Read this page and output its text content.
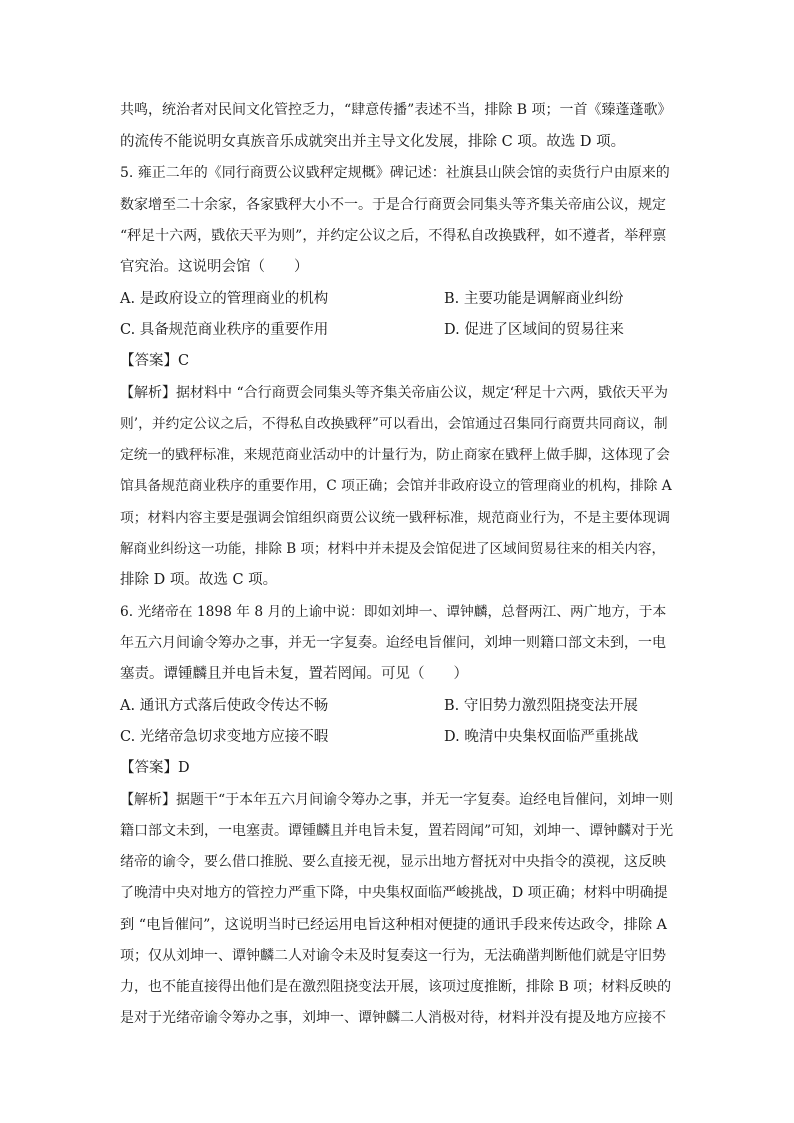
共鸣，统治者对民间文化管控乏力，“肆意传播”表述不当，排除 B 项；一首《臻蓬蓬歌》
的流传不能说明女真族音乐成就突出并主导文化发展，排除 C 项。故选 D 项。
5. 雍正二年的《同行商贾公议戥秤定规概》碑记述：社旗县山陕会馆的卖货行户由原来的
数家增至二十余家，各家戥秤大小不一。于是合行商贾会同集头等齐集关帝庙公议，规定
“秤足十六两，戥依天平为则”，并约定公议之后，不得私自改换戥秤，如不遵者，举秤禀
官究治。这说明会馆（　　）
A. 是政府设立的管理商业的机构	B. 主要功能是调解商业纠纷
C. 具备规范商业秩序的重要作用	D. 促进了区域间的贸易往来
【答案】C
【解析】据材料中 “合行商贾会同集头等齐集关帝庙公议，规定‘秤足十六两，戥依天平为
则’，并约定公议之后，不得私自改换戥秤”可以看出，会馆通过召集同行商贾共同商议，制
定统一的戥秤标准，来规范商业活动中的计量行为，防止商家在戥秤上做手脚，这体现了会
馆具备规范商业秩序的重要作用，C 项正确；会馆并非政府设立的管理商业的机构，排除 A
项；材料内容主要是强调会馆组织商贾公议统一戥秤标准，规范商业行为，不是主要体现调
解商业纠纷这一功能，排除 B 项；材料中并未提及会馆促进了区域间贸易往来的相关内容，
排除 D 项。故选 C 项。
6. 光绪帝在 1898 年 8 月的上谕中说：即如刘坤一、谭钟麟，总督两江、两广地方，于本
年五六月间谕令筹办之事，并无一字复奏。迨经电旨催问，刘坤一则籍口部文未到，一电
塞责。谭锺麟且并电旨未复，置若罔闻。可见（　　）
A. 通讯方式落后使政令传达不畅	B. 守旧势力激烈阻挠变法开展
C. 光绪帝急切求变地方应接不暇	D. 晚清中央集权面临严重挑战
【答案】D
【解析】据题干“于本年五六月间谕令筹办之事，并无一字复奏。迨经电旨催问，刘坤一则
籍口部文未到，一电塞责。谭锺麟且并电旨未复，置若罔闻”可知，刘坤一、谭钟麟对于光
绪帝的谕令，要么借口推脱、要么直接无视，显示出地方督抚对中央指令的漠视，这反映
了晚清中央对地方的管控力严重下降，中央集权面临严峻挑战，D 项正确；材料中明确提
到 “电旨催问”，这说明当时已经运用电旨这种相对便捷的通讯手段来传达政令，排除 A
项；仅从刘坤一、谭钟麟二人对谕令未及时复奏这一行为，无法确凿判断他们就是守旧势
力，也不能直接得出他们是在激烈阻挠变法开展，该项过度推断，排除 B 项；材料反映的
是对于光绪帝谕令筹办之事，刘坤一、谭钟麟二人消极对待，材料并没有提及地方应接不
